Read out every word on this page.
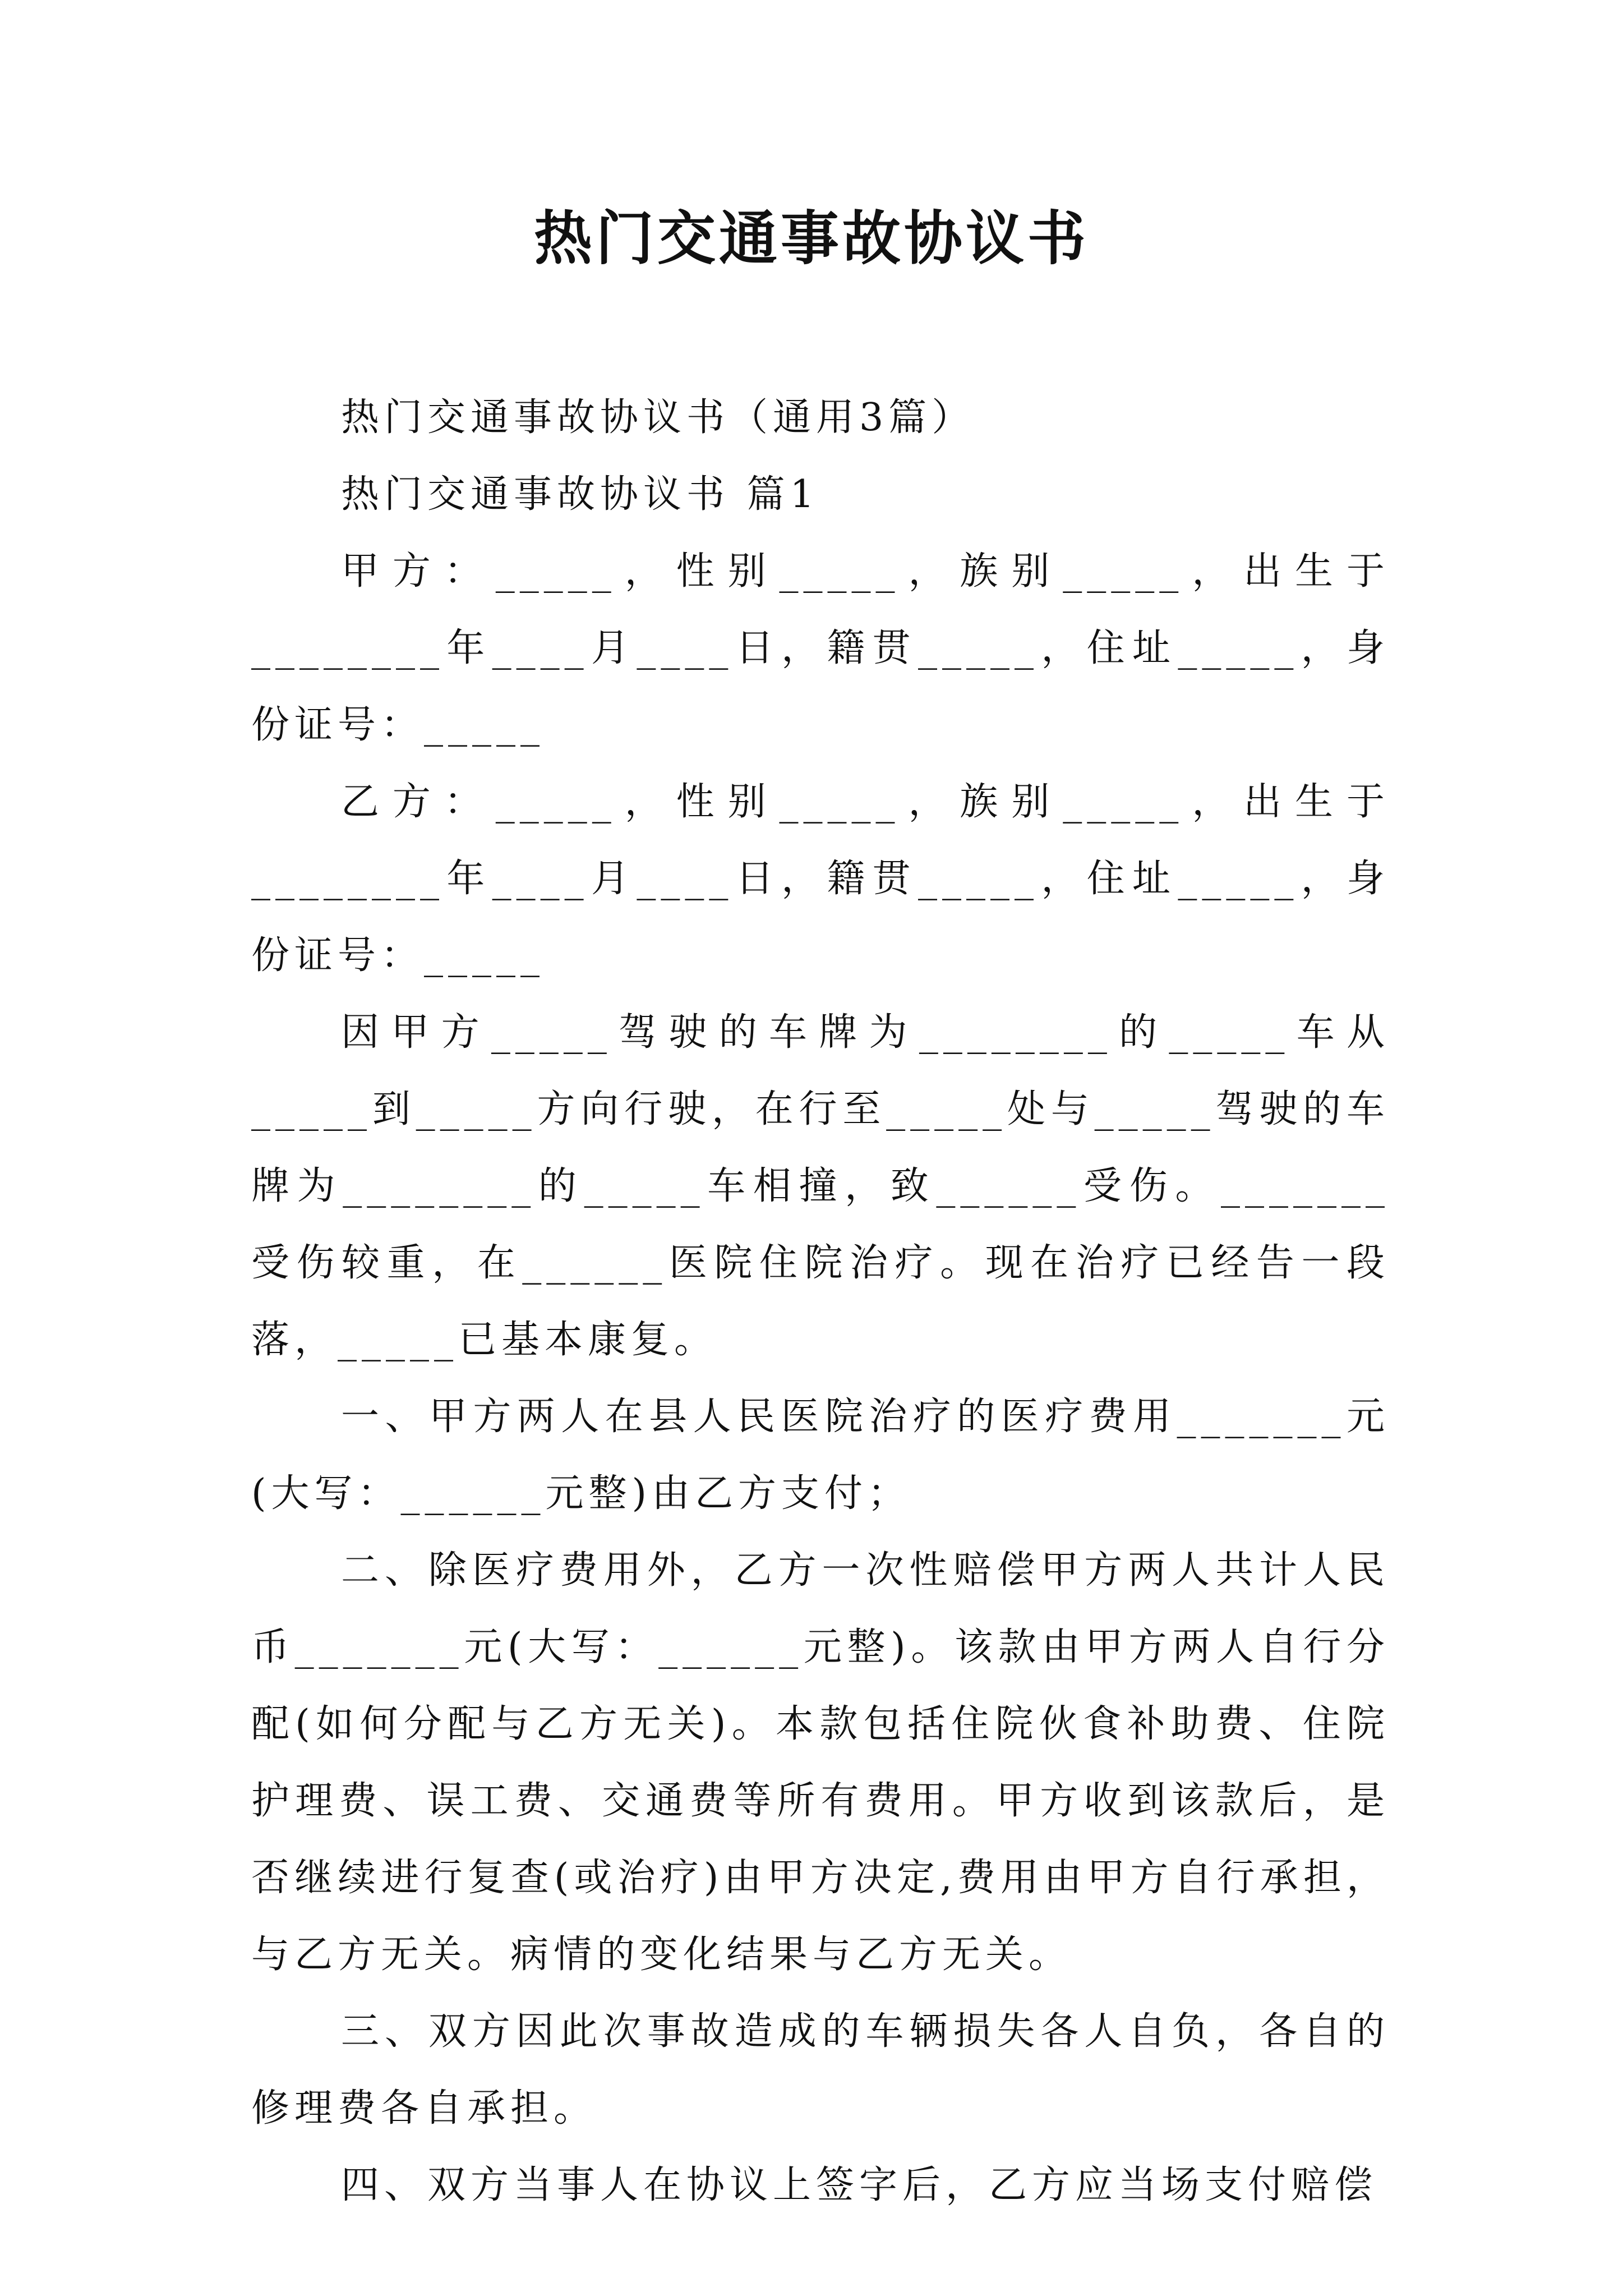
热门交通事故协议书

热门交通事故协议书（通用3篇）

热门交通事故协议书 篇1

甲方：_____，性别_____，族别_____，出生于________年____月____日，籍贯_____，住址_____，身份证号：_____

乙方：_____，性别_____，族别_____，出生于________年____月____日，籍贯_____，住址_____，身份证号：_____

因甲方_____驾驶的车牌为________的_____车从_____到_____方向行驶，在行至_____处与_____驾驶的车牌为________的_____车相撞，致______受伤。_______受伤较重，在______医院住院治疗。现在治疗已经告一段落，_____已基本康复。

一、甲方两人在县人民医院治疗的医疗费用_______元(大写：______元整)由乙方支付；

二、除医疗费用外，乙方一次性赔偿甲方两人共计人民币_______元(大写：______元整)。该款由甲方两人自行分配(如何分配与乙方无关)。本款包括住院伙食补助费、住院护理费、误工费、交通费等所有费用。甲方收到该款后，是否继续进行复查(或治疗)由甲方决定,费用由甲方自行承担，与乙方无关。病情的变化结果与乙方无关。

三、双方因此次事故造成的车辆损失各人自负，各自的修理费各自承担。

四、双方当事人在协议上签字后，乙方应当场支付赔偿
